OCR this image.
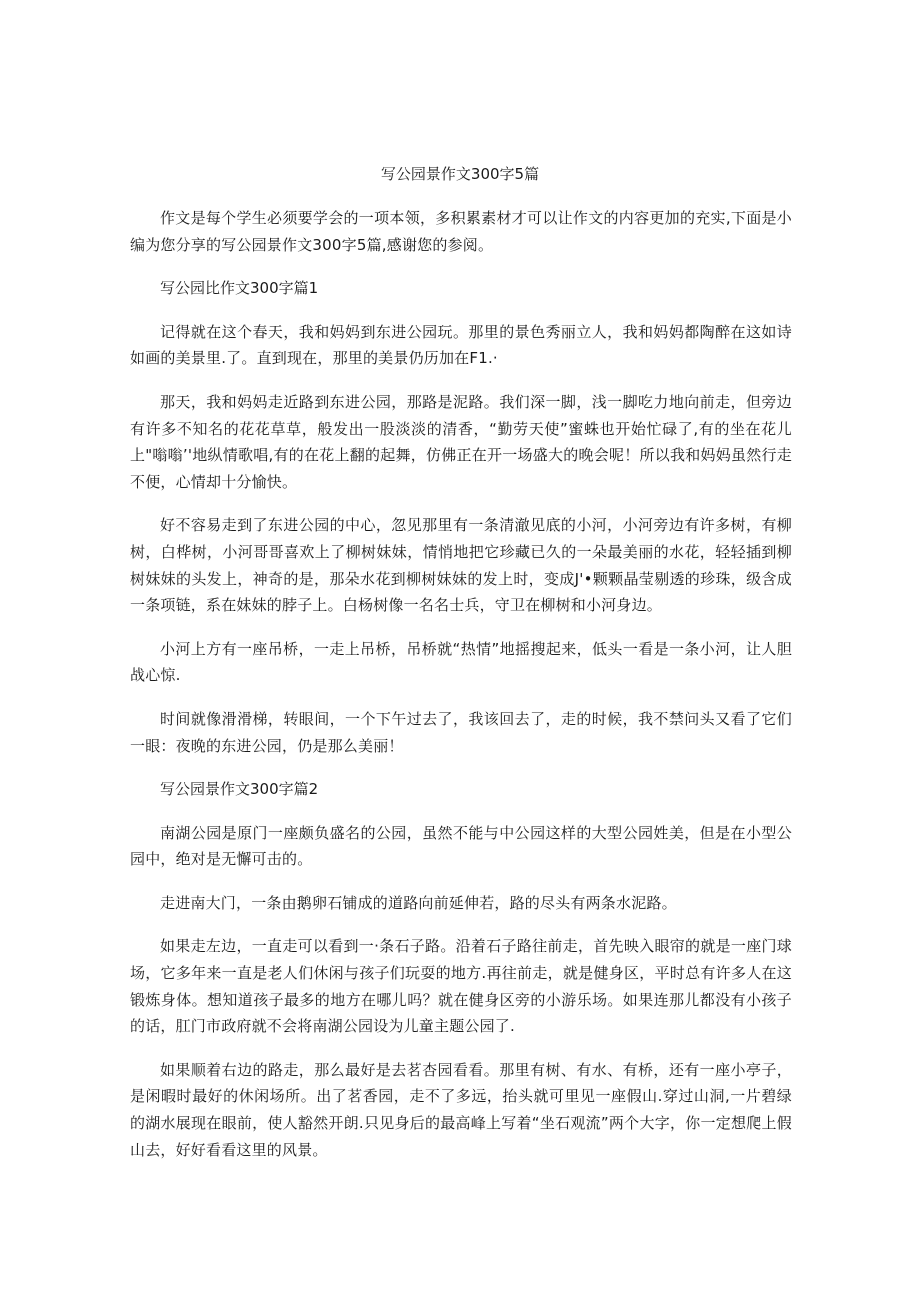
写公园景作文300字5篇

作文是每个学生必须要学会的一项本领，多积累素材才可以让作文的内容更加的充实,下面是小编为您分享的写公园景作文300字5篇,感谢您的参阅。

写公园比作文300字篇1

记得就在这个春天，我和妈妈到东进公园玩。那里的景色秀丽立人，我和妈妈都陶醉在这如诗如画的美景里.了。直到现在，那里的美景仍历加在F1.·

那天，我和妈妈走近路到东进公园，那路是泥路。我们深一脚，浅一脚吃力地向前走，但旁边有许多不知名的花花草草，般发出一股淡淡的清香，“勤劳天使”蜜蛛也开始忙碌了,有的坐在花儿上"嗡嗡’'地纵情歌唱,有的在花上翻的起舞，仿佛正在开一场盛大的晚会呢！所以我和妈妈虽然行走不便，心情却十分愉快。

好不容易走到了东进公园的中心，忽见那里有一条清澈见底的小河，小河旁边有许多树，有柳树，白桦树，小河哥哥喜欢上了柳树妹妹，情悄地把它珍藏已久的一朵最美丽的水花，轻轻插到柳树妹妹的头发上，神奇的是，那朵水花到柳树妹妹的发上时，变成J'•颗颗晶莹剔透的珍珠，级含成一条项链，系在妹妹的脖子上。白杨树像一名名士兵，守卫在柳树和小河身边。

小河上方有一座吊桥，一走上吊桥，吊桥就“热情”地摇搜起来，低头一看是一条小河，让人胆战心惊.

时间就像滑滑梯，转眼间，一个下午过去了，我该回去了，走的时候，我不禁问头又看了它们一眼：夜晚的东进公园，仍是那么美丽！

写公园景作文300字篇2

南湖公园是原门一座颇负盛名的公园，虽然不能与中公园这样的大型公园姓美，但是在小型公园中，绝对是无懈可击的。

走进南大门，一条由鹅卵石铺成的道路向前延伸若，路的尽头有两条水泥路。

如果走左边，一直走可以看到一·条石子路。沿着石子路往前走，首先映入眼帘的就是一座门球场，它多年来一直是老人们休闲与孩子们玩耍的地方.再往前走，就是健身区，平时总有许多人在这锻炼身体。想知道孩子最多的地方在哪儿吗？就在健身区旁的小游乐场。如果连那儿都没有小孩子的话，肛门市政府就不会将南湖公园设为儿童主题公园了.

如果顺着右边的路走，那么最好是去茗杏园看看。那里有树、有水、有桥，还有一座小亭子，是闲暇时最好的休闲场所。出了茗香园，走不了多远，抬头就可里见一座假山.穿过山洞,一片碧绿的湖水展现在眼前，使人豁然开朗.只见身后的最高峰上写着“坐石观流”两个大字，你一定想爬上假山去，好好看看这里的风景。
